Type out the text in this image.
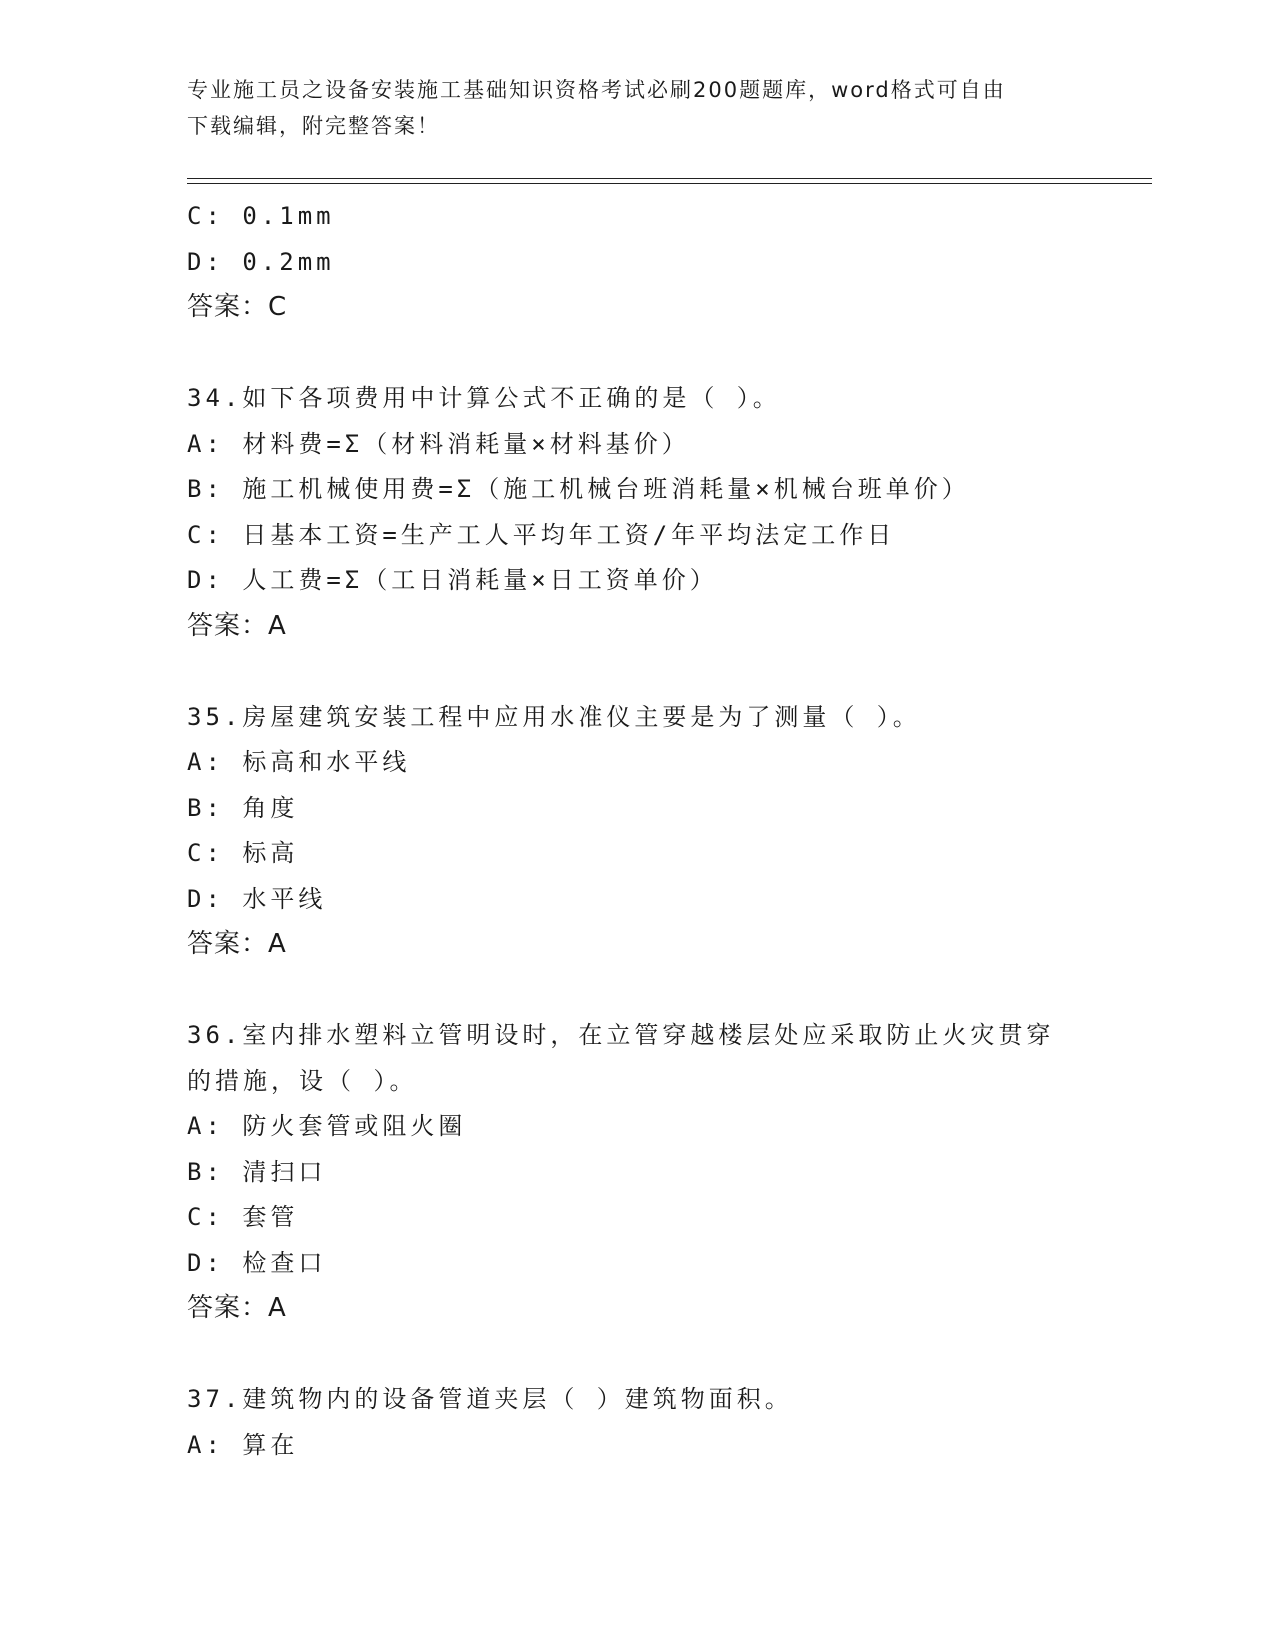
专业施工员之设备安装施工基础知识资格考试必刷200题题库，word格式可自由
下载编辑，附完整答案！
C: 0.1mm
D: 0.2mm
答案：C
34.如下各项费用中计算公式不正确的是（ ）。
A: 材料费=Σ（材料消耗量×材料基价）
B: 施工机械使用费=Σ（施工机械台班消耗量×机械台班单价）
C: 日基本工资=生产工人平均年工资/年平均法定工作日
D: 人工费=Σ（工日消耗量×日工资单价）
答案：A
35.房屋建筑安装工程中应用水准仪主要是为了测量（ ）。
A: 标高和水平线
B: 角度
C: 标高
D: 水平线
答案：A
36.室内排水塑料立管明设时，在立管穿越楼层处应采取防止火灾贯穿
的措施，设（ ）。
A: 防火套管或阻火圈
B: 清扫口
C: 套管
D: 检查口
答案：A
37.建筑物内的设备管道夹层（ ）建筑物面积。
A: 算在
